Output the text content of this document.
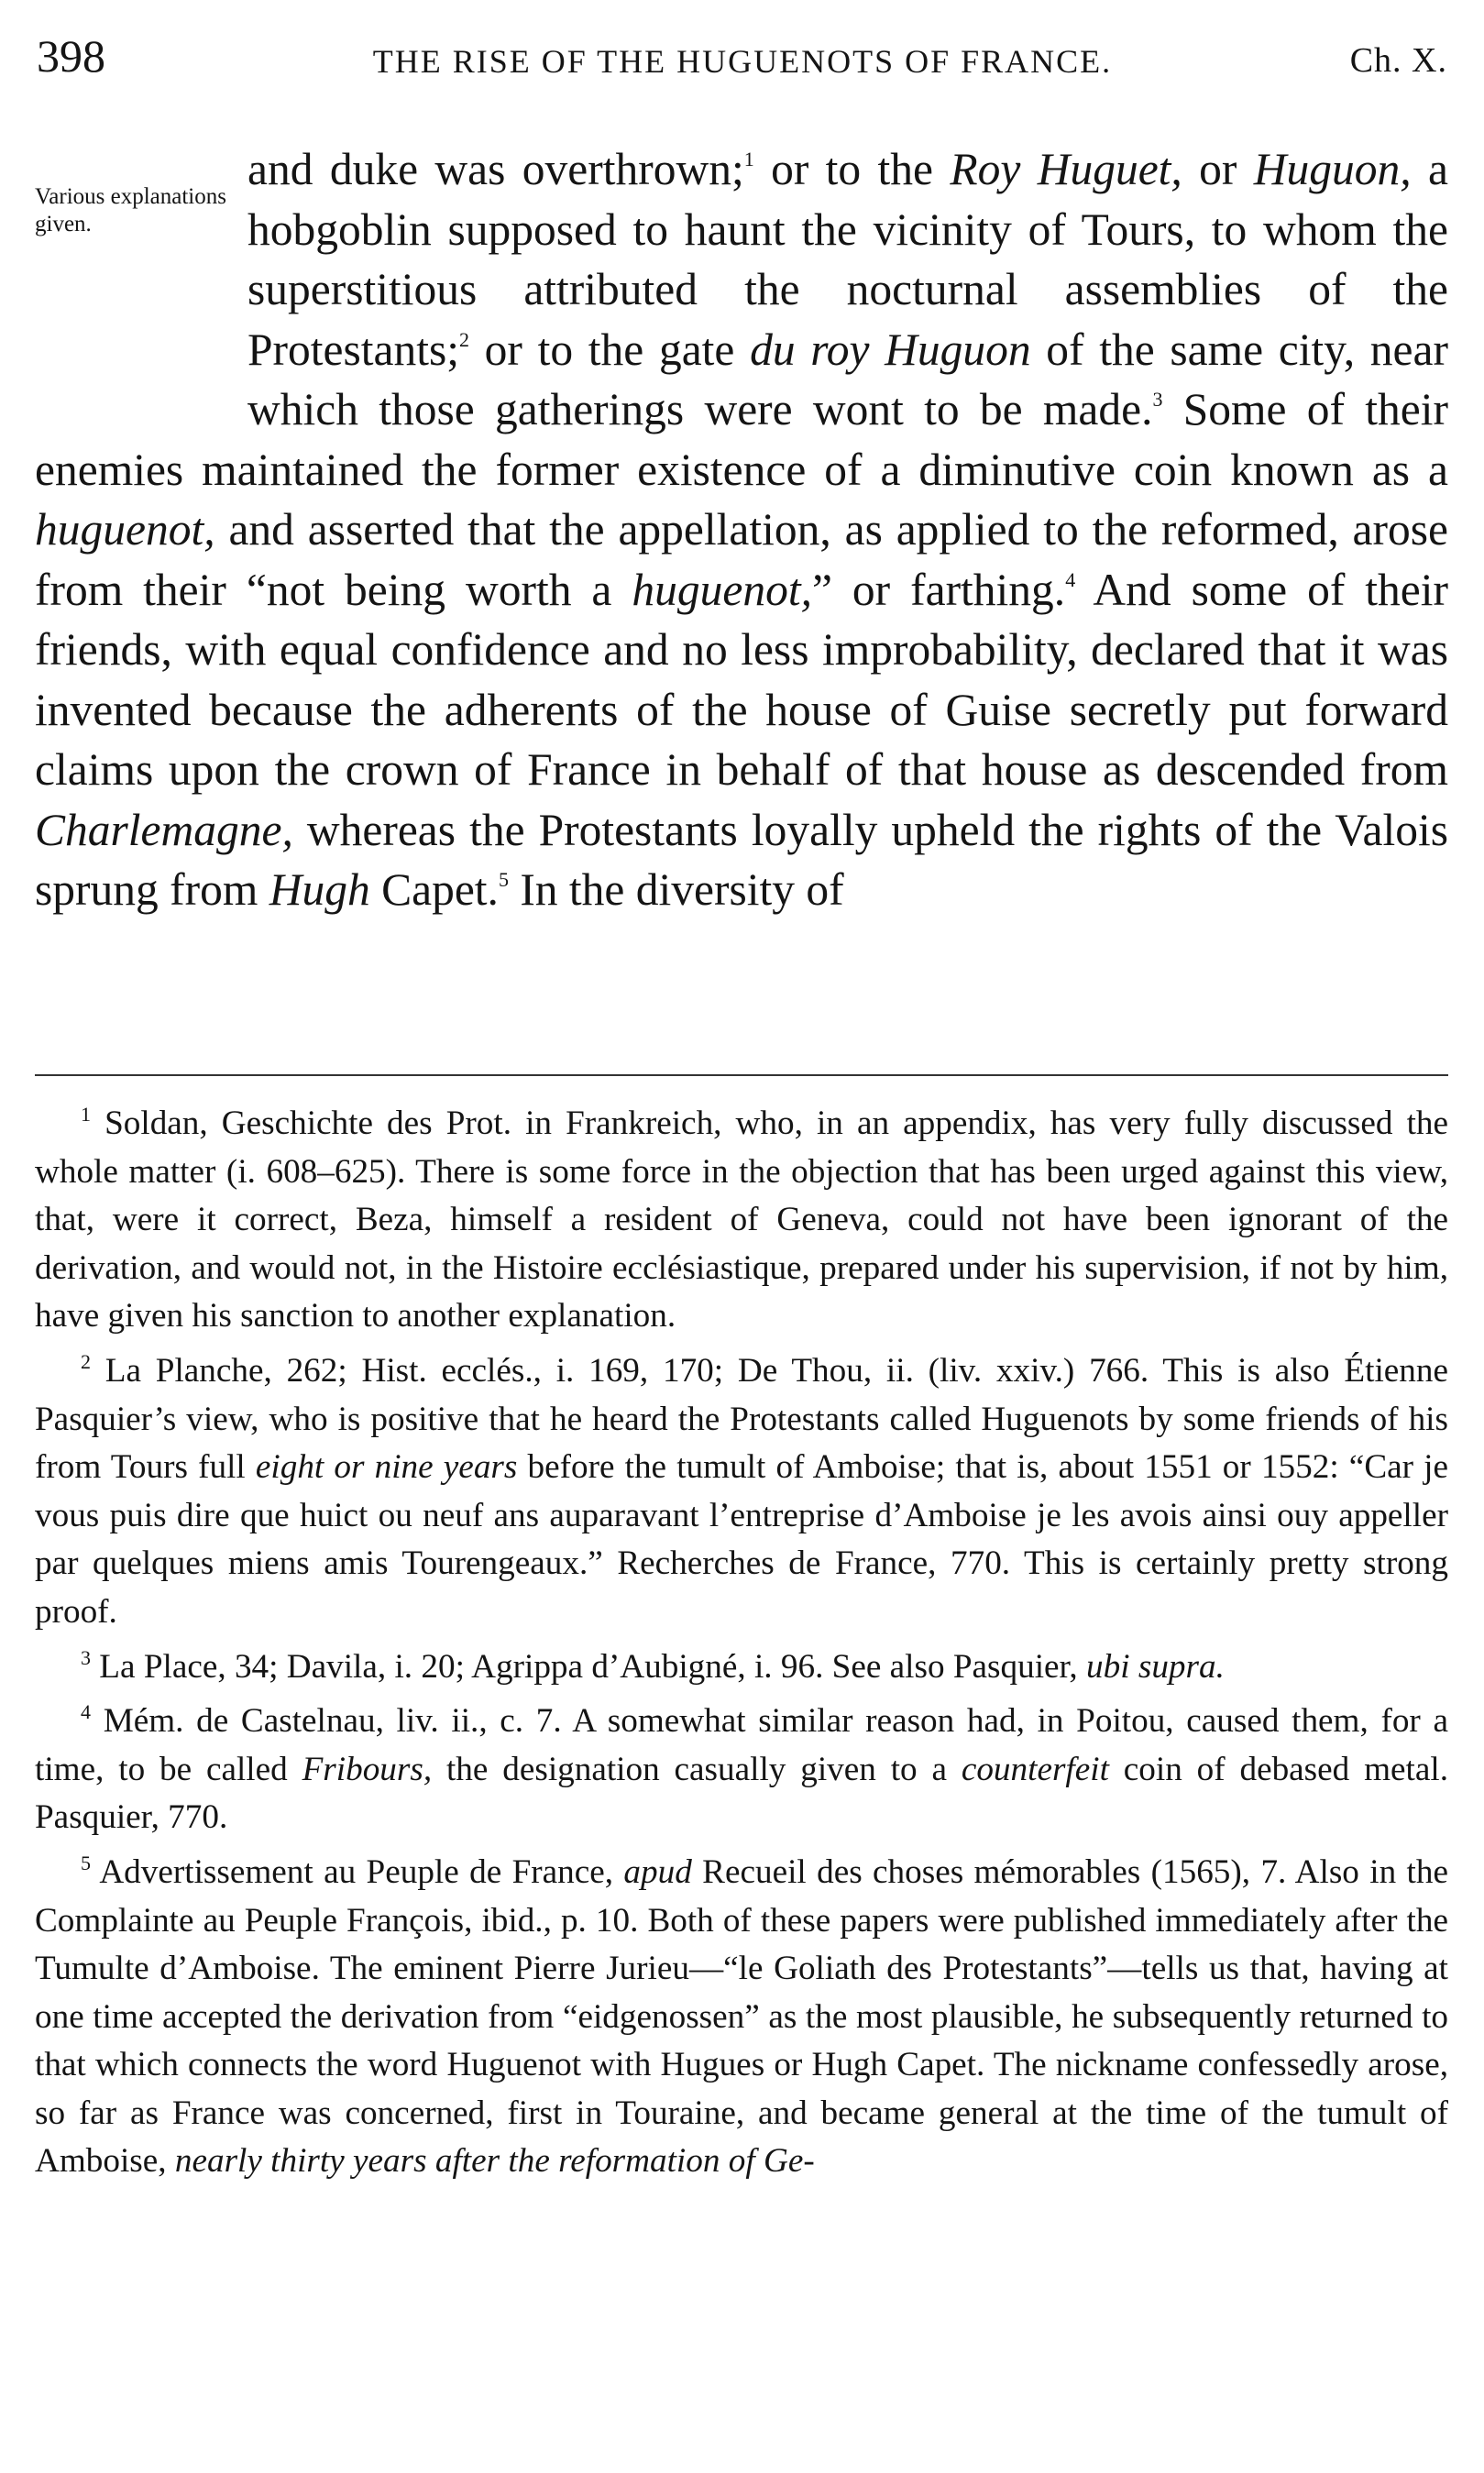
398	THE RISE OF THE HUGUENOTS OF FRANCE.	Ch. X.

Various explanations given.
and duke was overthrown;$^1$ or to the Roy Huguet, or Huguon, a hobgoblin supposed to haunt the vicinity of Tours, to whom the superstitious attributed the nocturnal assemblies of the Protestants;$^2$ or to the gate du roy Huguon of the same city, near which those gatherings were wont to be made.$^3$ Some of their enemies maintained the former existence of a diminutive coin known as a huguenot, and asserted that the appellation, as applied to the reformed, arose from their “not being worth a huguenot,” or farthing.$^4$ And some of their friends, with equal confidence and no less improbability, declared that it was invented because the adherents of the house of Guise secretly put forward claims upon the crown of France in behalf of that house as descended from Charlemagne, whereas the Protestants loyally upheld the rights of the Valois sprung from Hugh Capet.$^5$ In the diversity of

$^1$ Soldan, Geschichte des Prot. in Frankreich, who, in an appendix, has very fully discussed the whole matter (i. 608–625). There is some force in the objection that has been urged against this view, that, were it correct, Beza, himself a resident of Geneva, could not have been ignorant of the derivation, and would not, in the Histoire ecclésiastique, prepared under his supervision, if not by him, have given his sanction to another explanation.

$^2$ La Planche, 262; Hist. ecclés., i. 169, 170; De Thou, ii. (liv. xxiv.) 766. This is also Étienne Pasquier’s view, who is positive that he heard the Protestants called Huguenots by some friends of his from Tours full eight or nine years before the tumult of Amboise; that is, about 1551 or 1552: “Car je vous puis dire que huict ou neuf ans auparavant l’entreprise d’Amboise je les avois ainsi ouy appeller par quelques miens amis Tourengeaux.” Recherches de France, 770. This is certainly pretty strong proof.

$^3$ La Place, 34; Davila, i. 20; Agrippa d’Aubigné, i. 96. See also Pasquier, ubi supra.

$^4$ Mém. de Castelnau, liv. ii., c. 7. A somewhat similar reason had, in Poitou, caused them, for a time, to be called Fribours, the designation casually given to a counterfeit coin of debased metal. Pasquier, 770.

$^5$ Advertissement au Peuple de France, apud Recueil des choses mémorables (1565), 7. Also in the Complainte au Peuple François, ibid., p. 10. Both of these papers were published immediately after the Tumulte d’Amboise. The eminent Pierre Jurieu—“le Goliath des Protestants”—tells us that, having at one time accepted the derivation from “eidgenossen” as the most plausible, he subsequently returned to that which connects the word Huguenot with Hugues or Hugh Capet. The nickname confessedly arose, so far as France was concerned, first in Touraine, and became general at the time of the tumult of Amboise, nearly thirty years after the reformation of Ge-
